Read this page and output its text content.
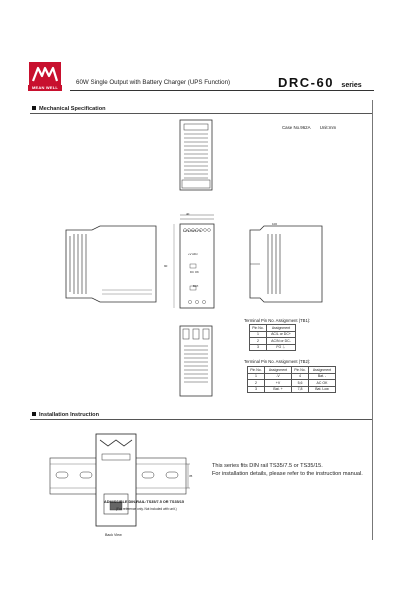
MEAN WELL
60W Single Output with Battery Charger (UPS Function)	DRC-60 series
Mechanical Specification
Case No.962A Unit:mm
40
100
90
1 2 3 4 5 6 7 8
+V ADJ.
DC OK
BAT.
Terminal Pin No. Assignment (TB1):
Pin No.	Assignment
1	AC/L or DC+
2	AC/N or DC-
3	FG ⏚
Terminal Pin No. Assignment (TB2):
Pin No.	Assignment	Pin No.	Assignment
1	-V	4	Bat. -
2	+V	5,6	AC OK
3	Bat. +	7,8	Bat. Low
Installation Instruction
35
This series fits DIN rail TS35/7.5 or TS35/15.
For installation details, please refer to the instruction manual.
ADMISSIBLE DIN-RAIL:TS35/7.5 OR TS35/15
(For reference only. Not included with unit.)
Back View
